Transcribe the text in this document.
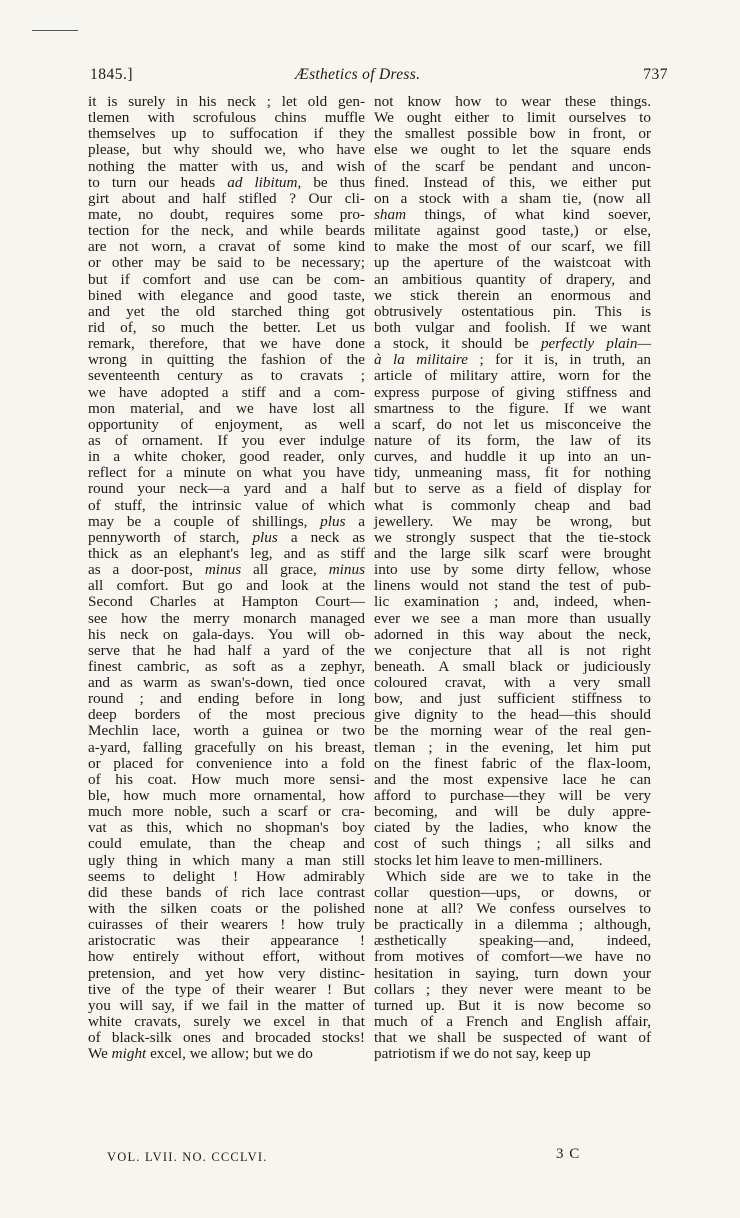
1845.]	Æsthetics of Dress.	737
it is surely in his neck ; let old gen-
tlemen with scrofulous chins muffle
themselves up to suffocation if they
please, but why should we, who have
nothing the matter with us, and wish
to turn our heads ad libitum, be thus
girt about and half stifled ? Our cli-
mate, no doubt, requires some pro-
tection for the neck, and while beards
are not worn, a cravat of some kind
or other may be said to be necessary;
but if comfort and use can be com-
bined with elegance and good taste,
and yet the old starched thing got
rid of, so much the better. Let us
remark, therefore, that we have done
wrong in quitting the fashion of the
seventeenth century as to cravats ;
we have adopted a stiff and a com-
mon material, and we have lost all
opportunity of enjoyment, as well
as of ornament. If you ever indulge
in a white choker, good reader, only
reflect for a minute on what you have
round your neck—a yard and a half
of stuff, the intrinsic value of which
may be a couple of shillings, plus a
pennyworth of starch, plus a neck as
thick as an elephant's leg, and as stiff
as a door-post, minus all grace, minus
all comfort. But go and look at the
Second Charles at Hampton Court—
see how the merry monarch managed
his neck on gala-days. You will ob-
serve that he had half a yard of the
finest cambric, as soft as a zephyr,
and as warm as swan's-down, tied once
round ; and ending before in long
deep borders of the most precious
Mechlin lace, worth a guinea or two
a-yard, falling gracefully on his breast,
or placed for convenience into a fold
of his coat. How much more sensi-
ble, how much more ornamental, how
much more noble, such a scarf or cra-
vat as this, which no shopman's boy
could emulate, than the cheap and
ugly thing in which many a man still
seems to delight ! How admirably
did these bands of rich lace contrast
with the silken coats or the polished
cuirasses of their wearers ! how truly
aristocratic was their appearance !
how entirely without effort, without
pretension, and yet how very distinc-
tive of the type of their wearer ! But
you will say, if we fail in the matter of
white cravats, surely we excel in that
of black-silk ones and brocaded stocks!
We might excel, we allow; but we do
not know how to wear these things.
We ought either to limit ourselves to
the smallest possible bow in front, or
else we ought to let the square ends
of the scarf be pendant and uncon-
fined. Instead of this, we either put
on a stock with a sham tie, (now all
sham things, of what kind soever,
militate against good taste,) or else,
to make the most of our scarf, we fill
up the aperture of the waistcoat with
an ambitious quantity of drapery, and
we stick therein an enormous and
obtrusively ostentatious pin. This is
both vulgar and foolish. If we want
a stock, it should be perfectly plain—
à la militaire ; for it is, in truth, an
article of military attire, worn for the
express purpose of giving stiffness and
smartness to the figure. If we want
a scarf, do not let us misconceive the
nature of its form, the law of its
curves, and huddle it up into an un-
tidy, unmeaning mass, fit for nothing
but to serve as a field of display for
what is commonly cheap and bad
jewellery. We may be wrong, but
we strongly suspect that the tie-stock
and the large silk scarf were brought
into use by some dirty fellow, whose
linens would not stand the test of pub-
lic examination ; and, indeed, when-
ever we see a man more than usually
adorned in this way about the neck,
we conjecture that all is not right
beneath. A small black or judiciously
coloured cravat, with a very small
bow, and just sufficient stiffness to
give dignity to the head—this should
be the morning wear of the real gen-
tleman ; in the evening, let him put
on the finest fabric of the flax-loom,
and the most expensive lace he can
afford to purchase—they will be very
becoming, and will be duly appre-
ciated by the ladies, who know the
cost of such things ; all silks and
stocks let him leave to men-milliners.
Which side are we to take in the
collar question—ups, or downs, or
none at all? We confess ourselves to
be practically in a dilemma ; although,
æsthetically speaking—and, indeed,
from motives of comfort—we have no
hesitation in saying, turn down your
collars ; they never were meant to be
turned up. But it is now become so
much of a French and English affair,
that we shall be suspected of want of
patriotism if we do not say, keep up
VOL. LVII. NO. CCCLVI.	3 C
